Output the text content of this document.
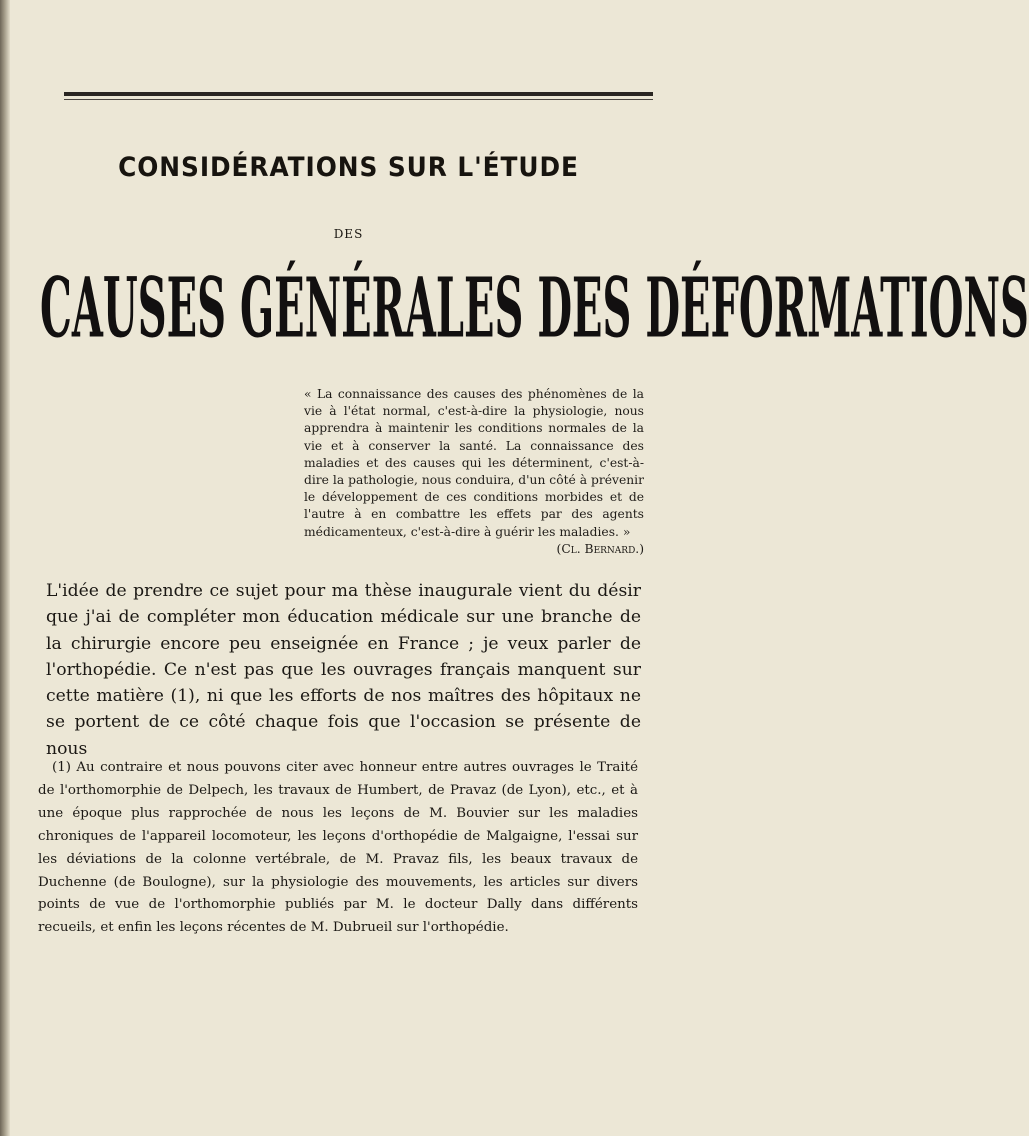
CONSIDÉRATIONS SUR L'ÉTUDE
DES
CAUSES GÉNÉRALES DES DÉFORMATIONS
« La connaissance des causes des phénomènes de la vie à l'état normal, c'est-à-dire la physiologie, nous apprendra à maintenir les conditions normales de la vie et à conserver la santé. La connaissance des maladies et des causes qui les déterminent, c'est-à-dire la pathologie, nous conduira, d'un côté à prévenir le développement de ces conditions morbides et de l'autre à en combattre les effets par des agents médicamenteux, c'est-à-dire à guérir les maladies. »
(Cl. Bernard.)

L'idée de prendre ce sujet pour ma thèse inaugurale vient du désir que j'ai de compléter mon éducation médicale sur une branche de la chirurgie encore peu enseignée en France ; je veux parler de l'orthopédie. Ce n'est pas que les ouvrages français manquent sur cette matière (1), ni que les efforts de nos maîtres des hôpitaux ne se portent de ce côté chaque fois que l'occasion se présente de nous

(1) Au contraire et nous pouvons citer avec honneur entre autres ouvrages le Traité de l'orthomorphie de Delpech, les travaux de Humbert, de Pravaz (de Lyon), etc., et à une époque plus rapprochée de nous les leçons de M. Bouvier sur les maladies chroniques de l'appareil locomoteur, les leçons d'orthopédie de Malgaigne, l'essai sur les déviations de la colonne vertébrale, de M. Pravaz fils, les beaux travaux de Duchenne (de Boulogne), sur la physiologie des mouvements, les articles sur divers points de vue de l'orthomorphie publiés par M. le docteur Dally dans différents recueils, et enfin les leçons récentes de M. Dubrueil sur l'orthopédie.
